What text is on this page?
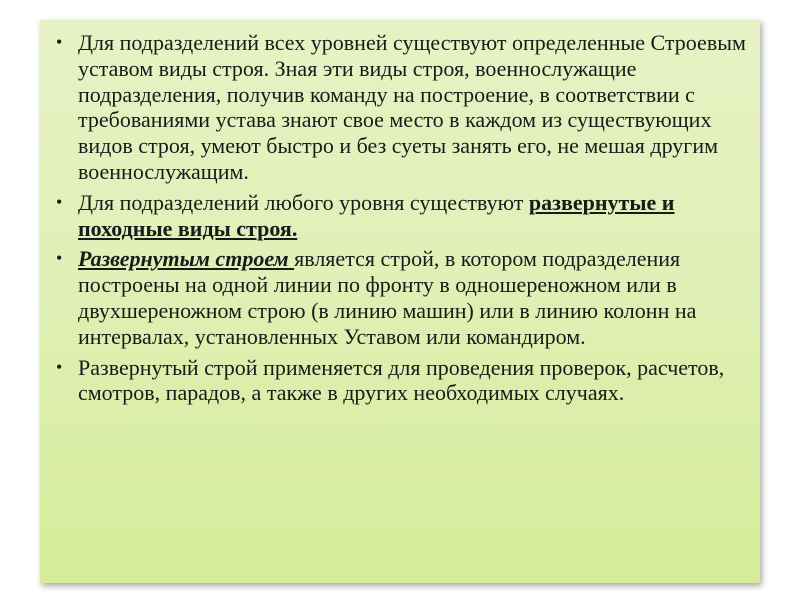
• Для подразделений всех уровней существуют определенные Строевым уставом виды строя. Зная эти виды строя, военнослужащие подразделения, получив команду на построение, в соответствии с требованиями устава знают свое место в каждом из существующих видов строя, умеют быстро и без суеты занять его, не мешая другим военнослужащим.
• Для подразделений любого уровня существуют развернутые и походные виды строя.
• Развернутым строем является строй, в котором подразделения построены на одной линии по фронту в одношереножном или в двухшереножном строю (в линию машин) или в линию колонн на интервалах, установленных Уставом или командиром.
• Развернутый строй применяется для проведения проверок, расчетов, смотров, парадов, а также в других необходимых случаях.
